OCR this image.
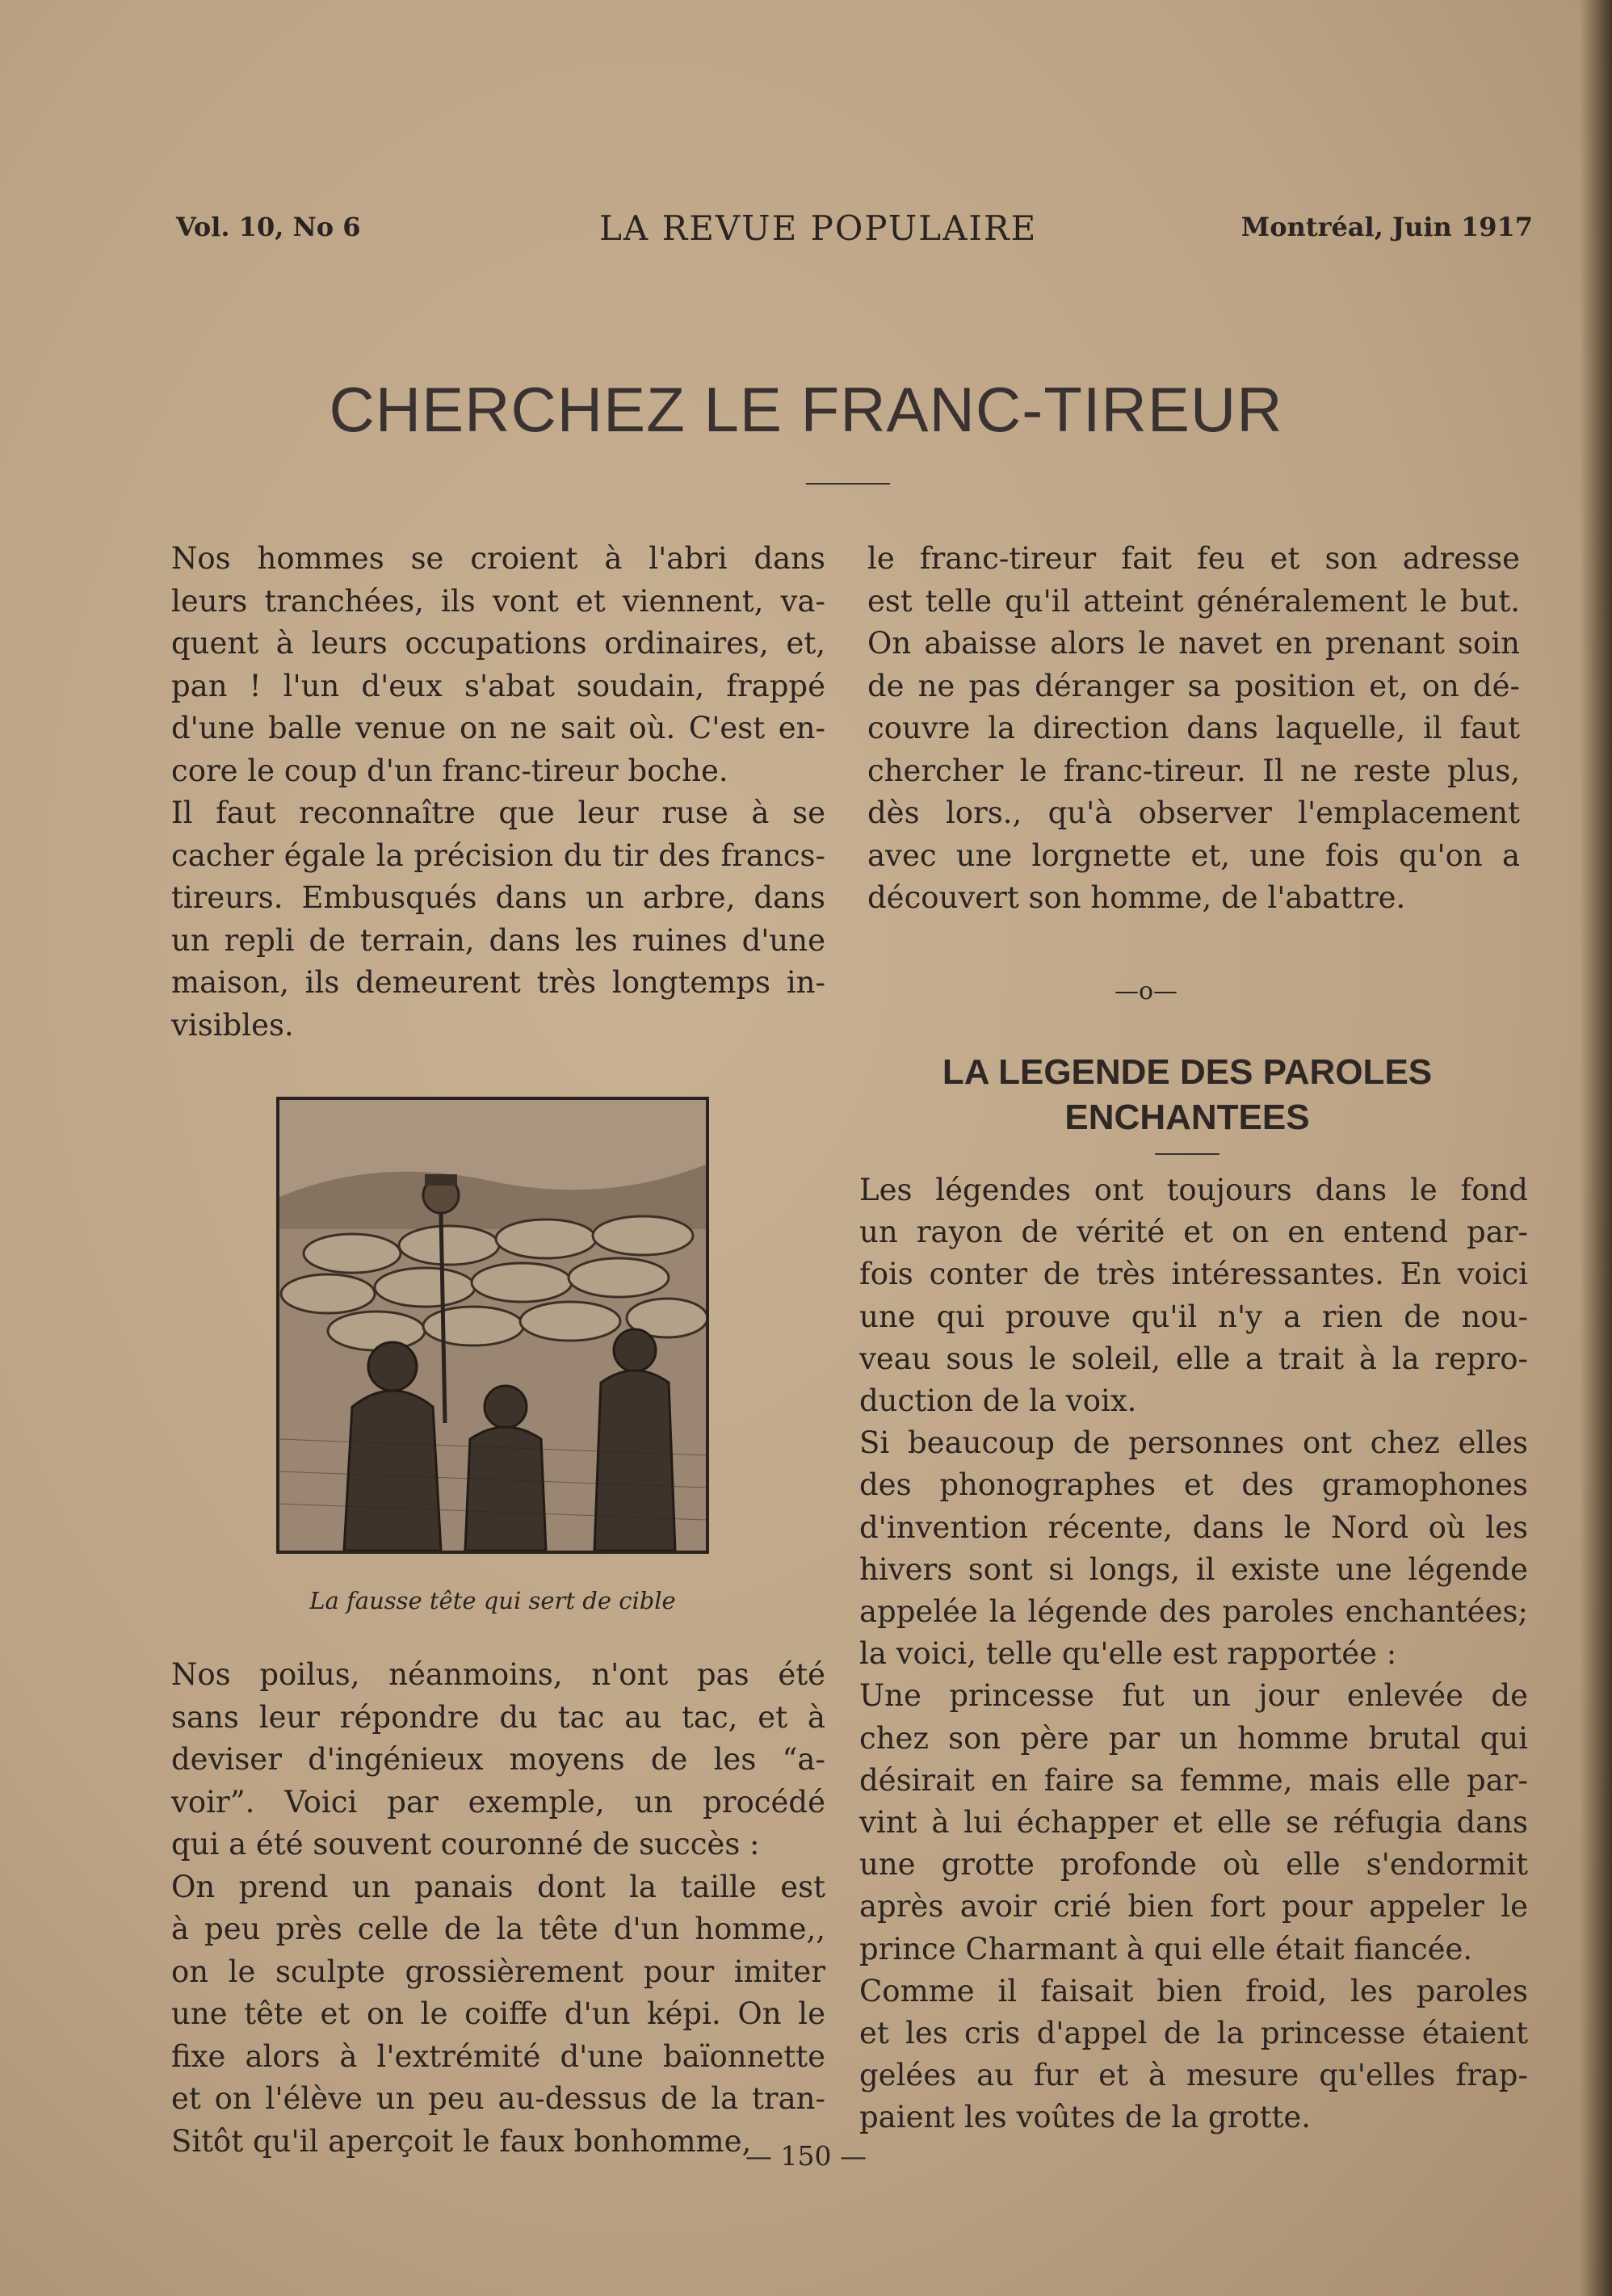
Vol. 10, No 6	LA REVUE POPULAIRE	Montréal, Juin 1917
CHERCHEZ LE FRANC-TIREUR
Nos hommes se croient à l'abri dans
leurs tranchées, ils vont et viennent, va-
quent à leurs occupations ordinaires, et,
pan ! l'un d'eux s'abat soudain, frappé
d'une balle venue on ne sait où. C'est en-
core le coup d'un franc-tireur boche.
Il faut reconnaître que leur ruse à se
cacher égale la précision du tir des francs-
tireurs. Embusqués dans un arbre, dans
un repli de terrain, dans les ruines d'une
maison, ils demeurent très longtemps in-
visibles.
La fausse tête qui sert de cible
Nos poilus, néanmoins, n'ont pas été
sans leur répondre du tac au tac, et à
deviser d'ingénieux moyens de les “a-
voir”. Voici par exemple, un procédé
qui a été souvent couronné de succès :
On prend un panais dont la taille est
à peu près celle de la tête d'un homme,,
on le sculpte grossièrement pour imiter
une tête et on le coiffe d'un képi. On le
fixe alors à l'extrémité d'une baïonnette
et on l'élève un peu au-dessus de la tran-
Sitôt qu'il aperçoit le faux bonhomme,
le franc-tireur fait feu et son adresse
est telle qu'il atteint généralement le but.
On abaisse alors le navet en prenant soin
de ne pas déranger sa position et, on dé-
couvre la direction dans laquelle, il faut
chercher le franc-tireur. Il ne reste plus,
dès lors., qu'à observer l'emplacement
avec une lorgnette et, une fois qu'on a
découvert son homme, de l'abattre.
—o—
LA LEGENDE DES PAROLES
ENCHANTEES
Les légendes ont toujours dans le fond
un rayon de vérité et on en entend par-
fois conter de très intéressantes. En voici
une qui prouve qu'il n'y a rien de nou-
veau sous le soleil, elle a trait à la repro-
duction de la voix.
Si beaucoup de personnes ont chez elles
des phonographes et des gramophones
d'invention récente, dans le Nord où les
hivers sont si longs, il existe une légende
appelée la légende des paroles enchantées;
la voici, telle qu'elle est rapportée :
Une princesse fut un jour enlevée de
chez son père par un homme brutal qui
désirait en faire sa femme, mais elle par-
vint à lui échapper et elle se réfugia dans
une grotte profonde où elle s'endormit
après avoir crié bien fort pour appeler le
prince Charmant à qui elle était fiancée.
Comme il faisait bien froid, les paroles
et les cris d'appel de la princesse étaient
gelées au fur et à mesure qu'elles frap-
paient les voûtes de la grotte.
— 150 —
